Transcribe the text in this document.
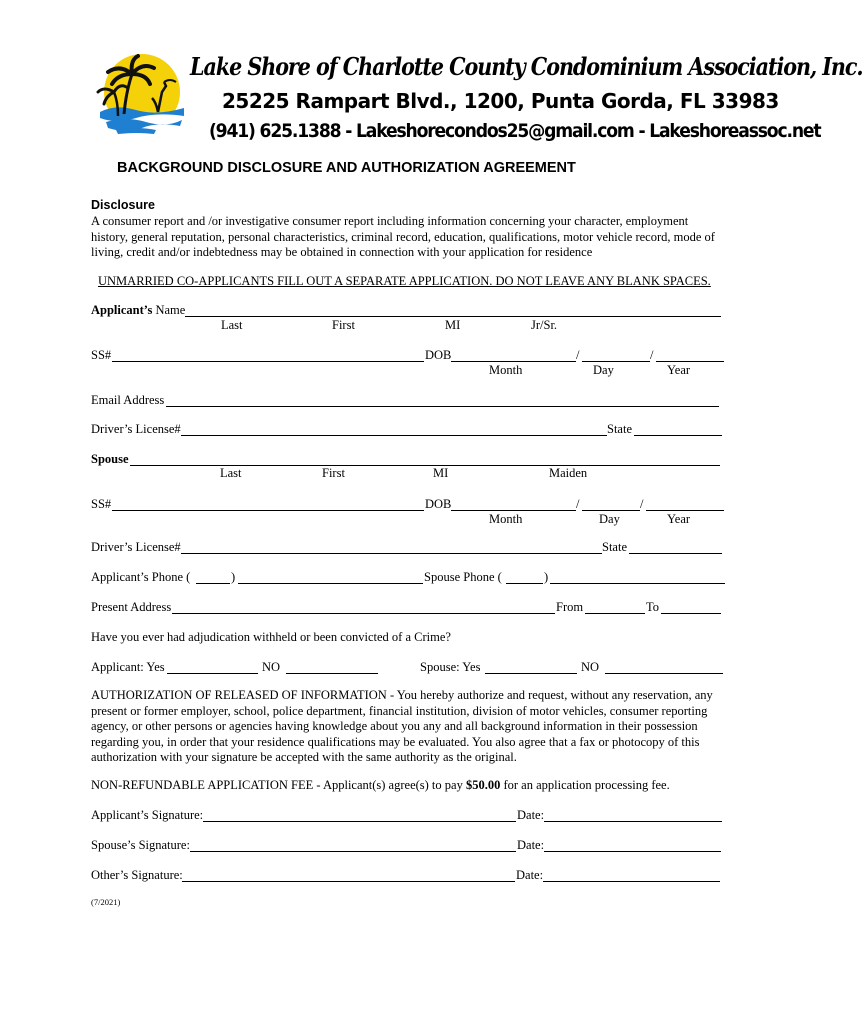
Lake Shore of Charlotte County Condominium Association, Inc.
25225 Rampart Blvd., 1200, Punta Gorda, FL 33983
(941) 625.1388 - Lakeshorecondos25@gmail.com - Lakeshoreassoc.net
BACKGROUND DISCLOSURE AND AUTHORIZATION AGREEMENT
Disclosure
A consumer report and /or investigative consumer report including information concerning your character, employment history, general reputation, personal characteristics, criminal record, education, qualifications, motor vehicle record, mode of living, credit and/or indebtedness may be obtained in connection with your application for residence
UNMARRIED CO-APPLICANTS FILL OUT A SEPARATE APPLICATION. DO NOT LEAVE ANY BLANK SPACES.
Applicant’s Name
Last	First	MI	Jr/Sr.
SS#	DOB	/	/
Month	Day	Year
Email Address
Driver’s License#	State
Spouse
Last	First	MI	Maiden
SS#	DOB	/	/
Month	Day	Year
Driver’s License#	State
Applicant’s Phone (	)	Spouse Phone (	)
Present Address	From	To
Have you ever had adjudication withheld or been convicted of a Crime?
Applicant: Yes	NO	Spouse: Yes	NO
AUTHORIZATION OF RELEASED OF INFORMATION - You hereby authorize and request, without any reservation, any present or former employer, school, police department, financial institution, division of motor vehicles, consumer reporting agency, or other persons or agencies having knowledge about you any and all background information in their possession regarding you, in order that your residence qualifications may be evaluated. You also agree that a fax or photocopy of this authorization with your signature be accepted with the same authority as the original.
NON-REFUNDABLE APPLICATION FEE - Applicant(s) agree(s) to pay $50.00 for an application processing fee.
Applicant’s Signature:	Date:
Spouse’s Signature:	Date:
Other’s Signature:	Date:
(7/2021)
